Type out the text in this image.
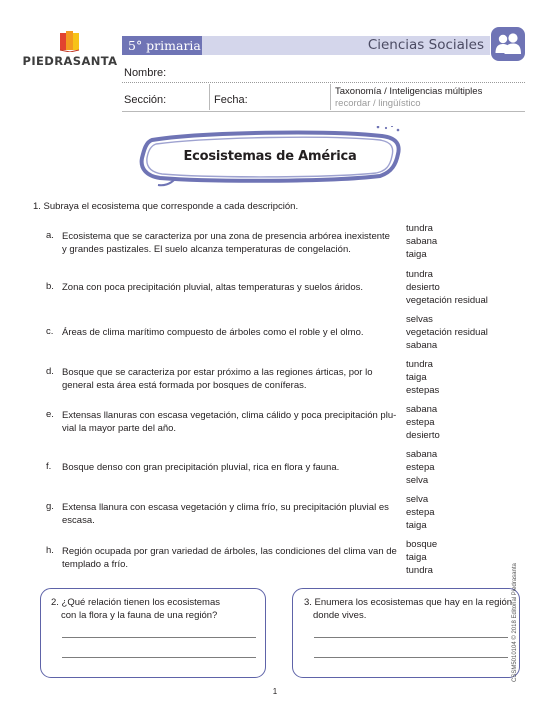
PIEDRASANTA
5° primaria	Ciencias Sociales
Nombre:
Sección:	Fecha:
Taxonomía / Inteligencias múltiples
recordar / lingüístico
Ecosistemas de América
1. Subraya el ecosistema que corresponde a cada descripción.
a. Ecosistema que se caracteriza por una zona de presencia arbórea inexistente y grandes pastizales. El suelo alcanza temperaturas de congelación.
tundra
sabana
taiga
b. Zona con poca precipitación pluvial, altas temperaturas y suelos áridos.
tundra
desierto
vegetación residual
c. Áreas de clima marítimo compuesto de árboles como el roble y el olmo.
selvas
vegetación residual
sabana
d. Bosque que se caracteriza por estar próximo a las regiones árticas, por lo general esta área está formada por bosques de coníferas.
tundra
taiga
estepas
e. Extensas llanuras con escasa vegetación, clima cálido y poca precipitación plu-vial la mayor parte del año.
sabana
estepa
desierto
f. Bosque denso con gran precipitación pluvial, rica en flora y fauna.
sabana
estepa
selva
g. Extensa llanura con escasa vegetación y clima frío, su precipitación pluvial es escasa.
selva
estepa
taiga
h. Región ocupada por gran variedad de árboles, las condiciones del clima van de templado a frío.
bosque
taiga
tundra
2. ¿Qué relación tienen los ecosistemas
con la flora y la fauna de una región?
3. Enumera los ecosistemas que hay en la región
donde vives.	CSSM5010104 © 2018 Editorial Piedrasanta
1
